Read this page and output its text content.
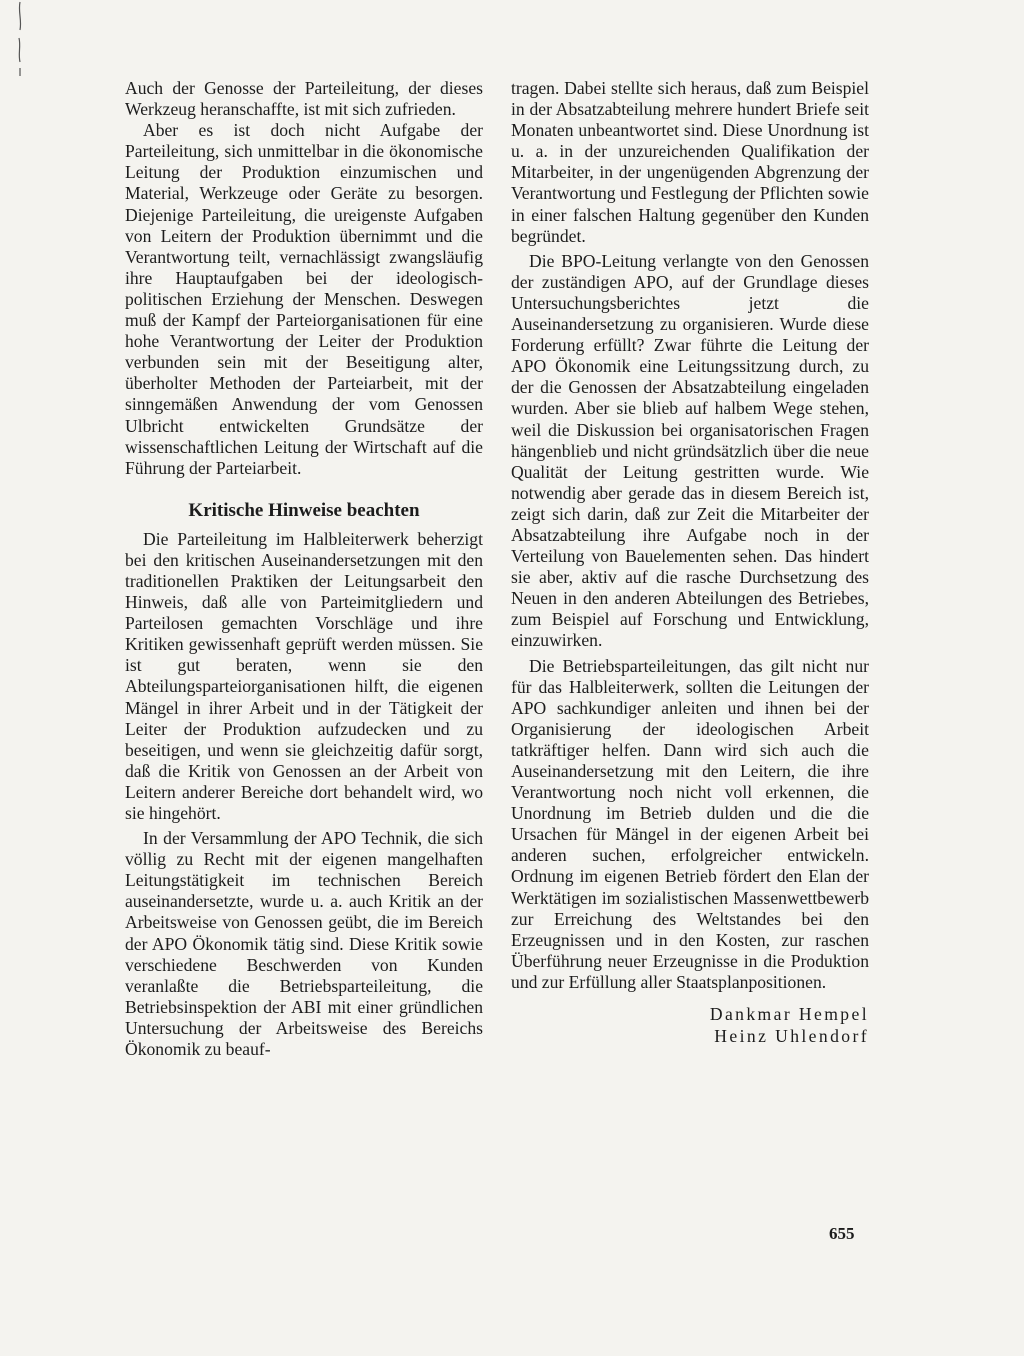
Auch der Genosse der Parteileitung, der dieses Werkzeug heranschaffte, ist mit sich zufrieden.

Aber es ist doch nicht Aufgabe der Parteileitung, sich unmittelbar in die ökonomische Leitung der Produktion einzumischen und Material, Werkzeuge oder Geräte zu besorgen. Diejenige Parteileitung, die ureigenste Aufgaben von Leitern der Produktion übernimmt und die Verantwortung teilt, vernachlässigt zwangsläufig ihre Hauptaufgaben bei der ideologisch-politischen Erziehung der Menschen. Deswegen muß der Kampf der Parteiorganisationen für eine hohe Verantwortung der Leiter der Produktion verbunden sein mit der Beseitigung alter, überholter Methoden der Parteiarbeit, mit der sinngemäßen Anwendung der vom Genossen Ulbricht entwickelten Grundsätze der wissenschaftlichen Leitung der Wirtschaft auf die Führung der Parteiarbeit.

Kritische Hinweise beachten

Die Parteileitung im Halbleiterwerk beherzigt bei den kritischen Auseinandersetzungen mit den traditionellen Praktiken der Leitungsarbeit den Hinweis, daß alle von Parteimitgliedern und Parteilosen gemachten Vorschläge und ihre Kritiken gewissenhaft geprüft werden müssen. Sie ist gut beraten, wenn sie den Abteilungsparteiorganisationen hilft, die eigenen Mängel in ihrer Arbeit und in der Tätigkeit der Leiter der Produktion aufzudecken und zu beseitigen, und wenn sie gleichzeitig dafür sorgt, daß die Kritik von Genossen an der Arbeit von Leitern anderer Bereiche dort behandelt wird, wo sie hingehört.

In der Versammlung der APO Technik, die sich völlig zu Recht mit der eigenen mangelhaften Leitungstätigkeit im technischen Bereich auseinandersetzte, wurde u. a. auch Kritik an der Arbeitsweise von Genossen geübt, die im Bereich der APO Ökonomik tätig sind. Diese Kritik sowie verschiedene Beschwerden von Kunden veranlaßte die Betriebsparteileitung, die Betriebsinspektion der ABI mit einer gründlichen Untersuchung der Arbeitsweise des Bereichs Ökonomik zu beauf-

tragen. Dabei stellte sich heraus, daß zum Beispiel in der Absatzabteilung mehrere hundert Briefe seit Monaten unbeantwortet sind. Diese Unordnung ist u. a. in der unzureichenden Qualifikation der Mitarbeiter, in der ungenügenden Abgrenzung der Verantwortung und Festlegung der Pflichten sowie in einer falschen Haltung gegenüber den Kunden begründet.

Die BPO-Leitung verlangte von den Genossen der zuständigen APO, auf der Grundlage dieses Untersuchungsberichtes jetzt die Auseinandersetzung zu organisieren. Wurde diese Forderung erfüllt? Zwar führte die Leitung der APO Ökonomik eine Leitungssitzung durch, zu der die Genossen der Absatzabteilung eingeladen wurden. Aber sie blieb auf halbem Wege stehen, weil die Diskussion bei organisatorischen Fragen hängenblieb und nicht gründsätzlich über die neue Qualität der Leitung gestritten wurde. Wie notwendig aber gerade das in diesem Bereich ist, zeigt sich darin, daß zur Zeit die Mitarbeiter der Absatzabteilung ihre Aufgabe noch in der Verteilung von Bauelementen sehen. Das hindert sie aber, aktiv auf die rasche Durchsetzung des Neuen in den anderen Abteilungen des Betriebes, zum Beispiel auf Forschung und Entwicklung, einzuwirken.

Die Betriebsparteileitungen, das gilt nicht nur für das Halbleiterwerk, sollten die Leitungen der APO sachkundiger anleiten und ihnen bei der Organisierung der ideologischen Arbeit tatkräftiger helfen. Dann wird sich auch die Auseinandersetzung mit den Leitern, die ihre Verantwortung noch nicht voll erkennen, die Unordnung im Betrieb dulden und die die Ursachen für Mängel in der eigenen Arbeit bei anderen suchen, erfolgreicher entwickeln. Ordnung im eigenen Betrieb fördert den Elan der Werktätigen im sozialistischen Massenwettbewerb zur Erreichung des Weltstandes bei den Erzeugnissen und in den Kosten, zur raschen Überführung neuer Erzeugnisse in die Produktion und zur Erfüllung aller Staatsplanpositionen.

Dankmar Hempel
Heinz Uhlendorf
655
